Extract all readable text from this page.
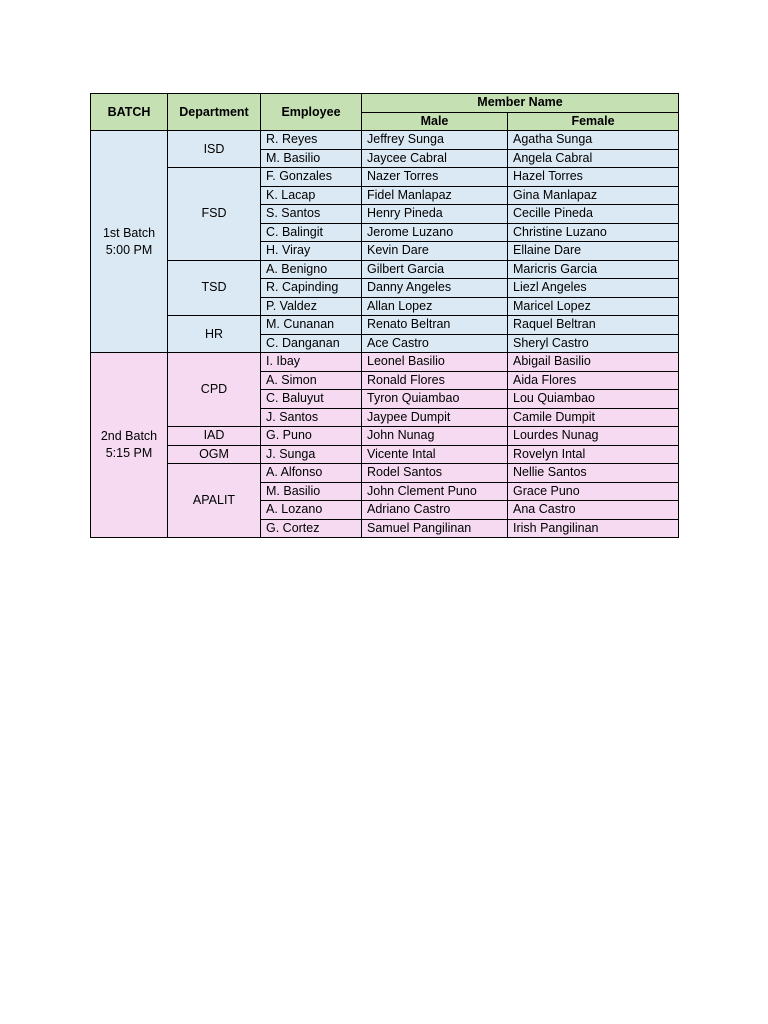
BATCH	Department	Employee	Member Name	
			Male	Female

1st Batch
5:00 PM	ISD	R. Reyes	Jeffrey Sunga	Agatha Sunga
		M. Basilio	Jaycee Cabral	Angela Cabral
	FSD	F. Gonzales	Nazer Torres	Hazel Torres
		K. Lacap	Fidel Manlapaz	Gina Manlapaz
		S. Santos	Henry Pineda	Cecille Pineda
		C. Balingit	Jerome Luzano	Christine Luzano
		H. Viray	Kevin Dare	Ellaine Dare
	TSD	A. Benigno	Gilbert Garcia	Maricris Garcia
		R. Capinding	Danny Angeles	Liezl Angeles
		P. Valdez	Allan Lopez	Maricel Lopez
	HR	M. Cunanan	Renato Beltran	Raquel Beltran
		C. Danganan	Ace Castro	Sheryl Castro

2nd Batch
5:15 PM	CPD	I. Ibay	Leonel Basilio	Abigail Basilio
		A. Simon	Ronald Flores	Aida Flores
		C. Baluyut	Tyron Quiambao	Lou Quiambao
		J. Santos	Jaypee Dumpit	Camile Dumpit
	IAD	G. Puno	John Nunag	Lourdes Nunag
	OGM	J. Sunga	Vicente Intal	Rovelyn Intal
	APALIT	A. Alfonso	Rodel Santos	Nellie Santos
		M. Basilio	John Clement Puno	Grace Puno
		A. Lozano	Adriano Castro	Ana Castro
		G. Cortez	Samuel Pangilinan	Irish Pangilinan
